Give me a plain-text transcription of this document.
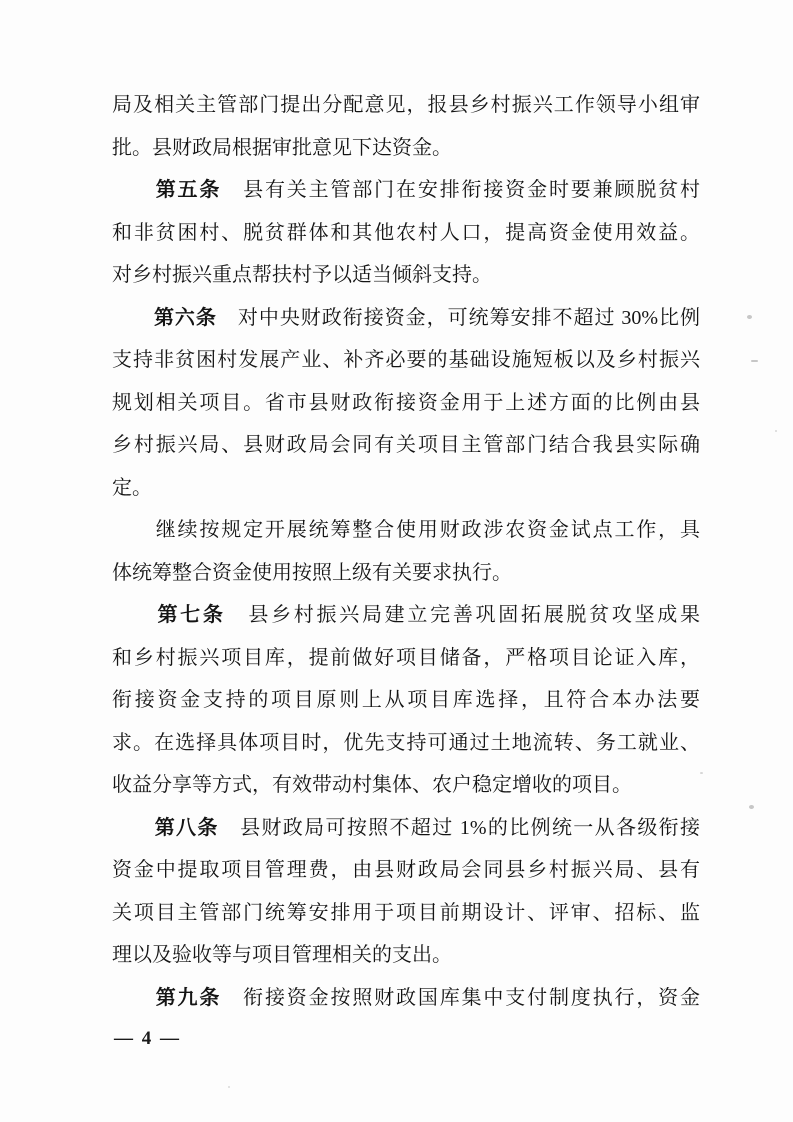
局及相关主管部门提出分配意见，报县乡村振兴工作领导小组审
批。县财政局根据审批意见下达资金。
　　第五条　县有关主管部门在安排衔接资金时要兼顾脱贫村
和非贫困村、脱贫群体和其他农村人口，提高资金使用效益。
对乡村振兴重点帮扶村予以适当倾斜支持。
　　第六条　对中央财政衔接资金，可统筹安排不超过 30%比例
支持非贫困村发展产业、补齐必要的基础设施短板以及乡村振兴
规划相关项目。省市县财政衔接资金用于上述方面的比例由县
乡村振兴局、县财政局会同有关项目主管部门结合我县实际确
定。
　　继续按规定开展统筹整合使用财政涉农资金试点工作，具
体统筹整合资金使用按照上级有关要求执行。
　　第七条　县乡村振兴局建立完善巩固拓展脱贫攻坚成果
和乡村振兴项目库，提前做好项目储备，严格项目论证入库，
衔接资金支持的项目原则上从项目库选择，且符合本办法要
求。在选择具体项目时，优先支持可通过土地流转、务工就业、
收益分享等方式，有效带动村集体、农户稳定增收的项目。
　　第八条　县财政局可按照不超过 1%的比例统一从各级衔接
资金中提取项目管理费，由县财政局会同县乡村振兴局、县有
关项目主管部门统筹安排用于项目前期设计、评审、招标、监
理以及验收等与项目管理相关的支出。
　　第九条　衔接资金按照财政国库集中支付制度执行，资金
— 4 —
